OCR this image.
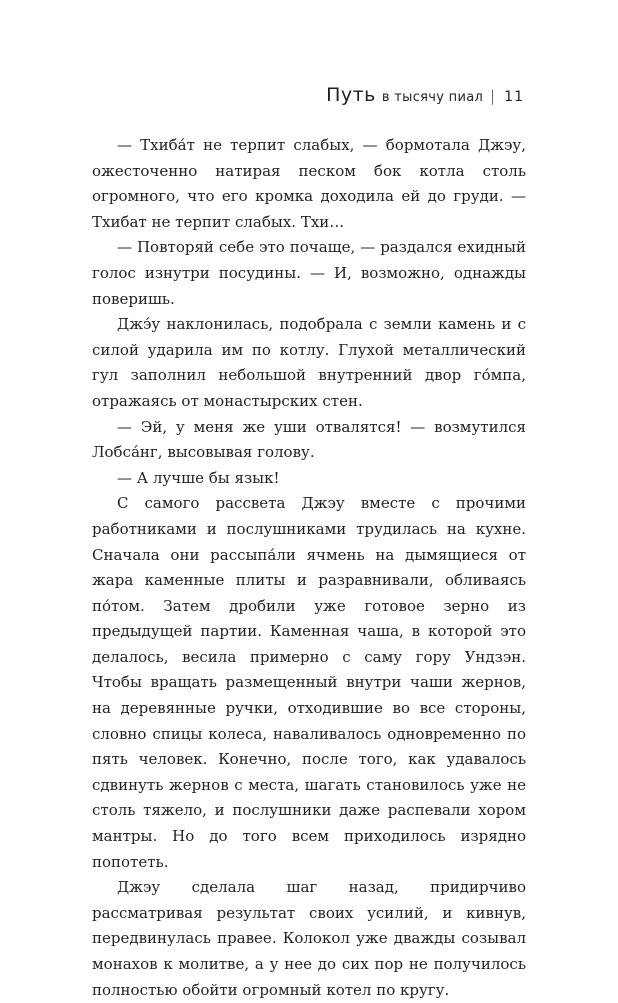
Путь в тысячу пиал | 11

— Тхиба́т не терпит слабых, — бормотала Джэу, ожесточенно натирая песком бок котла столь огромного, что его кромка доходила ей до груди. — Тхибат не терпит слабых. Тхи…

— Повторяй себе это почаще, — раздался ехидный голос изнутри посудины. — И, возможно, однажды поверишь.

Джэ́у наклонилась, подобрала с земли камень и с силой ударила им по котлу. Глухой металлический гул заполнил небольшой внутренний двор го́мпа, отражаясь от монастырских стен.

— Эй, у меня же уши отвалятся! — возмутился Лобса́нг, высовывая голову.

— А лучше бы язык!

С самого рассвета Джэу вместе с прочими работниками и послушниками трудилась на кухне. Сначала они рассыпа́ли ячмень на дымящиеся от жара каменные плиты и разравнивали, обливаясь по́том. Затем дробили уже готовое зерно из предыдущей партии. Каменная чаша, в которой это делалось, весила примерно с саму гору Ундзэн. Чтобы вращать размещенный внутри чаши жернов, на деревянные ручки, отходившие во все стороны, словно спицы колеса, наваливалось одновременно по пять человек. Конечно, после того, как удавалось сдвинуть жернов с места, шагать становилось уже не столь тяжело, и послушники даже распевали хором мантры. Но до того всем приходилось изрядно попотеть.

Джэу сделала шаг назад, придирчиво рассматривая результат своих усилий, и кивнув, передвинулась правее. Колокол уже дважды созывал монахов к молитве, а у нее до сих пор не получилось полностью обойти огромный котел по кругу.
